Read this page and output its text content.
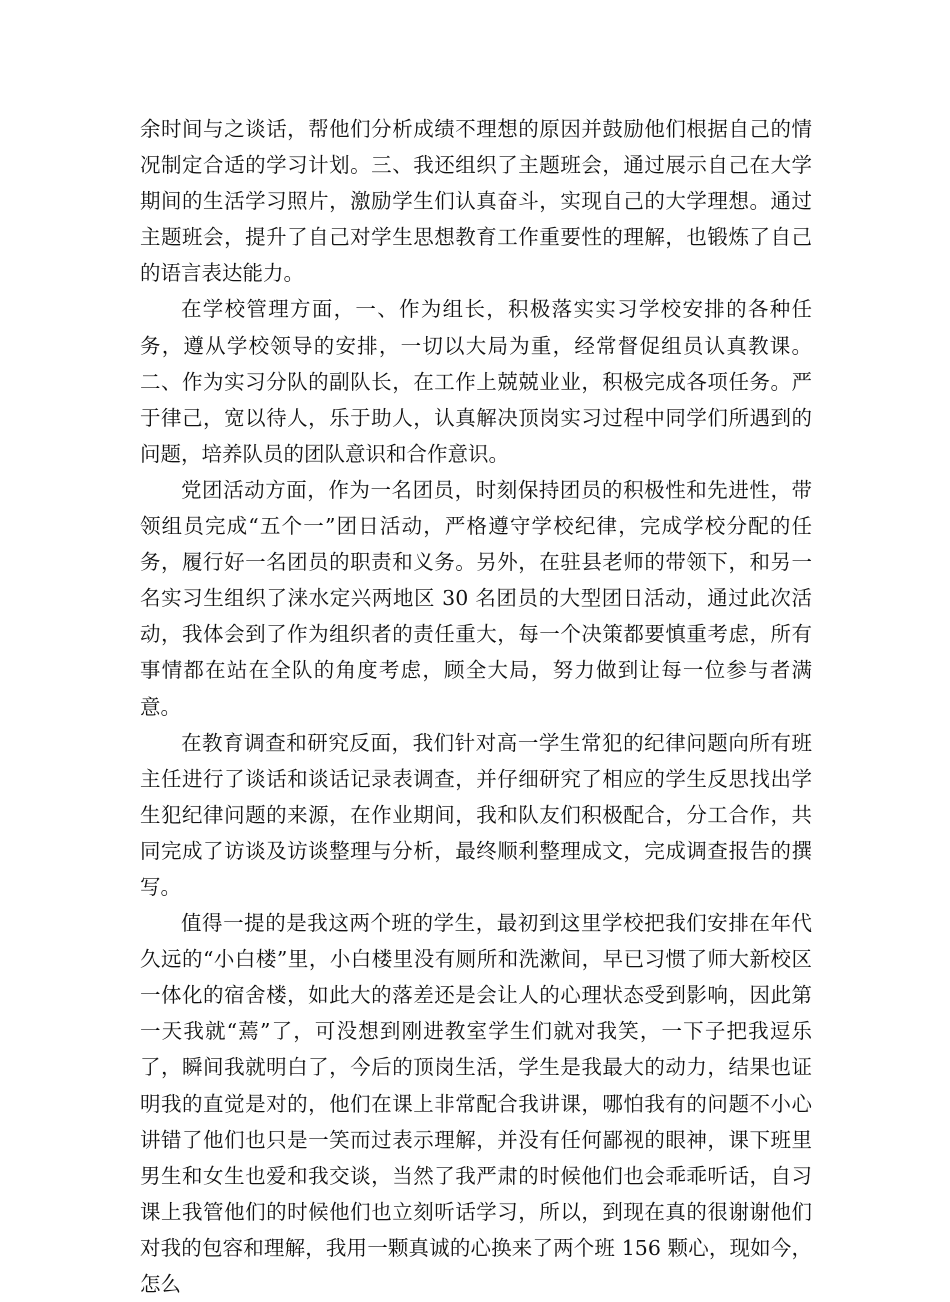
余时间与之谈话，帮他们分析成绩不理想的原因并鼓励他们根据自己的情况制定合适的学习计划。三、我还组织了主题班会，通过展示自己在大学期间的生活学习照片，激励学生们认真奋斗，实现自己的大学理想。通过主题班会，提升了自己对学生思想教育工作重要性的理解，也锻炼了自己的语言表达能力。

在学校管理方面，一、作为组长，积极落实实习学校安排的各种任务，遵从学校领导的安排，一切以大局为重，经常督促组员认真教课。二、作为实习分队的副队长，在工作上兢兢业业，积极完成各项任务。严于律己，宽以待人，乐于助人，认真解决顶岗实习过程中同学们所遇到的问题，培养队员的团队意识和合作意识。

党团活动方面，作为一名团员，时刻保持团员的积极性和先进性，带领组员完成“五个一”团日活动，严格遵守学校纪律，完成学校分配的任务，履行好一名团员的职责和义务。另外，在驻县老师的带领下，和另一名实习生组织了涞水定兴两地区 30 名团员的大型团日活动，通过此次活动，我体会到了作为组织者的责任重大，每一个决策都要慎重考虑，所有事情都在站在全队的角度考虑，顾全大局，努力做到让每一位参与者满意。

在教育调查和研究反面，我们针对高一学生常犯的纪律问题向所有班主任进行了谈话和谈话记录表调查，并仔细研究了相应的学生反思找出学生犯纪律问题的来源，在作业期间，我和队友们积极配合，分工合作，共同完成了访谈及访谈整理与分析，最终顺利整理成文，完成调查报告的撰写。

值得一提的是我这两个班的学生，最初到这里学校把我们安排在年代久远的“小白楼”里，小白楼里没有厕所和洗漱间，早已习惯了师大新校区一体化的宿舍楼，如此大的落差还是会让人的心理状态受到影响，因此第一天我就“蔫”了，可没想到刚进教室学生们就对我笑，一下子把我逗乐了，瞬间我就明白了，今后的顶岗生活，学生是我最大的动力，结果也证明我的直觉是对的，他们在课上非常配合我讲课，哪怕我有的问题不小心讲错了他们也只是一笑而过表示理解，并没有任何鄙视的眼神，课下班里男生和女生也爱和我交谈，当然了我严肃的时候他们也会乖乖听话，自习课上我管他们的时候他们也立刻听话学习，所以，到现在真的很谢谢他们对我的包容和理解，我用一颗真诚的心换来了两个班 156 颗心，现如今，怎么
